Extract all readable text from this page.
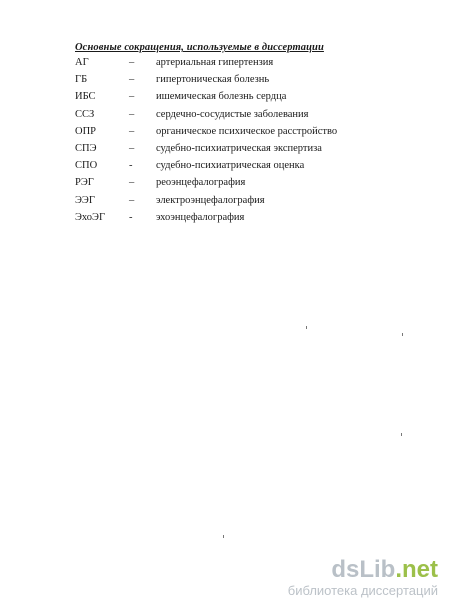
Основные сокращения, используемые в диссертации
АГ	– артериальная гипертензия
ГБ	– гипертоническая болезнь
ИБС	– ишемическая болезнь сердца
ССЗ	– сердечно-сосудистые заболевания
ОПР	– органическое психическое расстройство
СПЭ	– судебно-психиатрическая экспертиза
СПО	- судебно-психиатрическая оценка
РЭГ	– реоэнцефалография
ЭЭГ	– электроэнцефалография
ЭхоЭГ - эхоэнцефалография
dsLib.net
библиотека диссертаций
